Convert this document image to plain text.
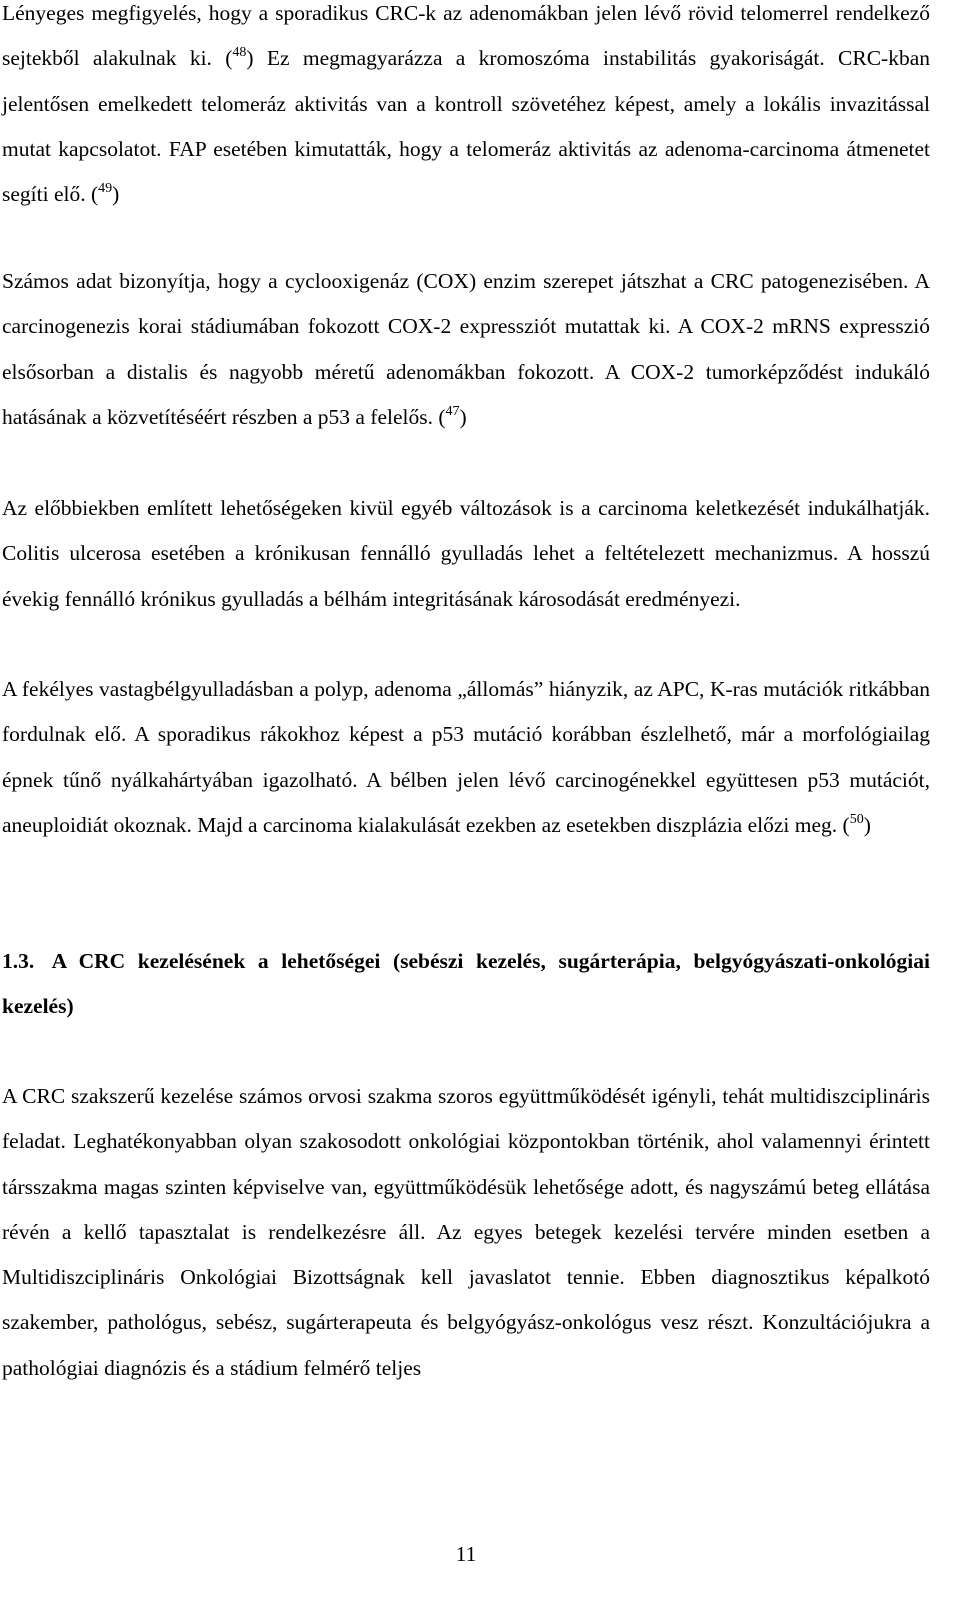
Lényeges megfigyelés, hogy a sporadikus CRC-k az adenomákban jelen lévő rövid telomerrel rendelkező sejtekből alakulnak ki. ($^{48}$) Ez megmagyarázza a kromoszóma instabilitás gyakoriságát. CRC-kban jelentősen emelkedett telomeráz aktivitás van a kontroll szövetéhez képest, amely a lokális invazitással mutat kapcsolatot. FAP esetében kimutatták, hogy a telomeráz aktivitás az adenoma-carcinoma átmenetet segíti elő. ($^{49}$)

Számos adat bizonyítja, hogy a cyclooxigenáz (COX) enzim szerepet játszhat a CRC patogenezisében. A carcinogenezis korai stádiumában fokozott COX-2 expressziót mutattak ki. A COX-2 mRNS expresszió elsősorban a distalis és nagyobb méretű adenomákban fokozott. A COX-2 tumorképződést indukáló hatásának a közvetítéséért részben a p53 a felelős. ($^{47}$)

Az előbbiekben említett lehetőségeken kivül egyéb változások is a carcinoma keletkezését indukálhatják. Colitis ulcerosa esetében a krónikusan fennálló gyulladás lehet a feltételezett mechanizmus. A hosszú évekig fennálló krónikus gyulladás a bélhám integritásának károsodását eredményezi.

A fekélyes vastagbélgyulladásban a polyp, adenoma „állomás” hiányzik, az APC, K-ras mutációk ritkábban fordulnak elő. A sporadikus rákokhoz képest a p53 mutáció korábban észlelhető, már a morfológiailag épnek tűnő nyálkahártyában igazolható. A bélben jelen lévő carcinogénekkel együttesen p53 mutációt, aneuploidiát okoznak. Majd a carcinoma kialakulását ezekben az esetekben diszplázia előzi meg. ($^{50}$)

1.3. A CRC kezelésének a lehetőségei (sebészi kezelés, sugárterápia, belgyógyászati-onkológiai kezelés)

A CRC szakszerű kezelése számos orvosi szakma szoros együttműködését igényli, tehát multidiszciplináris feladat. Leghatékonyabban olyan szakosodott onkológiai központokban történik, ahol valamennyi érintett társszakma magas szinten képviselve van, együttműködésük lehetősége adott, és nagyszámú beteg ellátása révén a kellő tapasztalat is rendelkezésre áll. Az egyes betegek kezelési tervére minden esetben a Multidiszciplináris Onkológiai Bizottságnak kell javaslatot tennie. Ebben diagnosztikus képalkotó szakember, pathológus, sebész, sugárterapeuta és belgyógyász-onkológus vesz részt. Konzultációjukra a pathológiai diagnózis és a stádium felmérő teljes

11
